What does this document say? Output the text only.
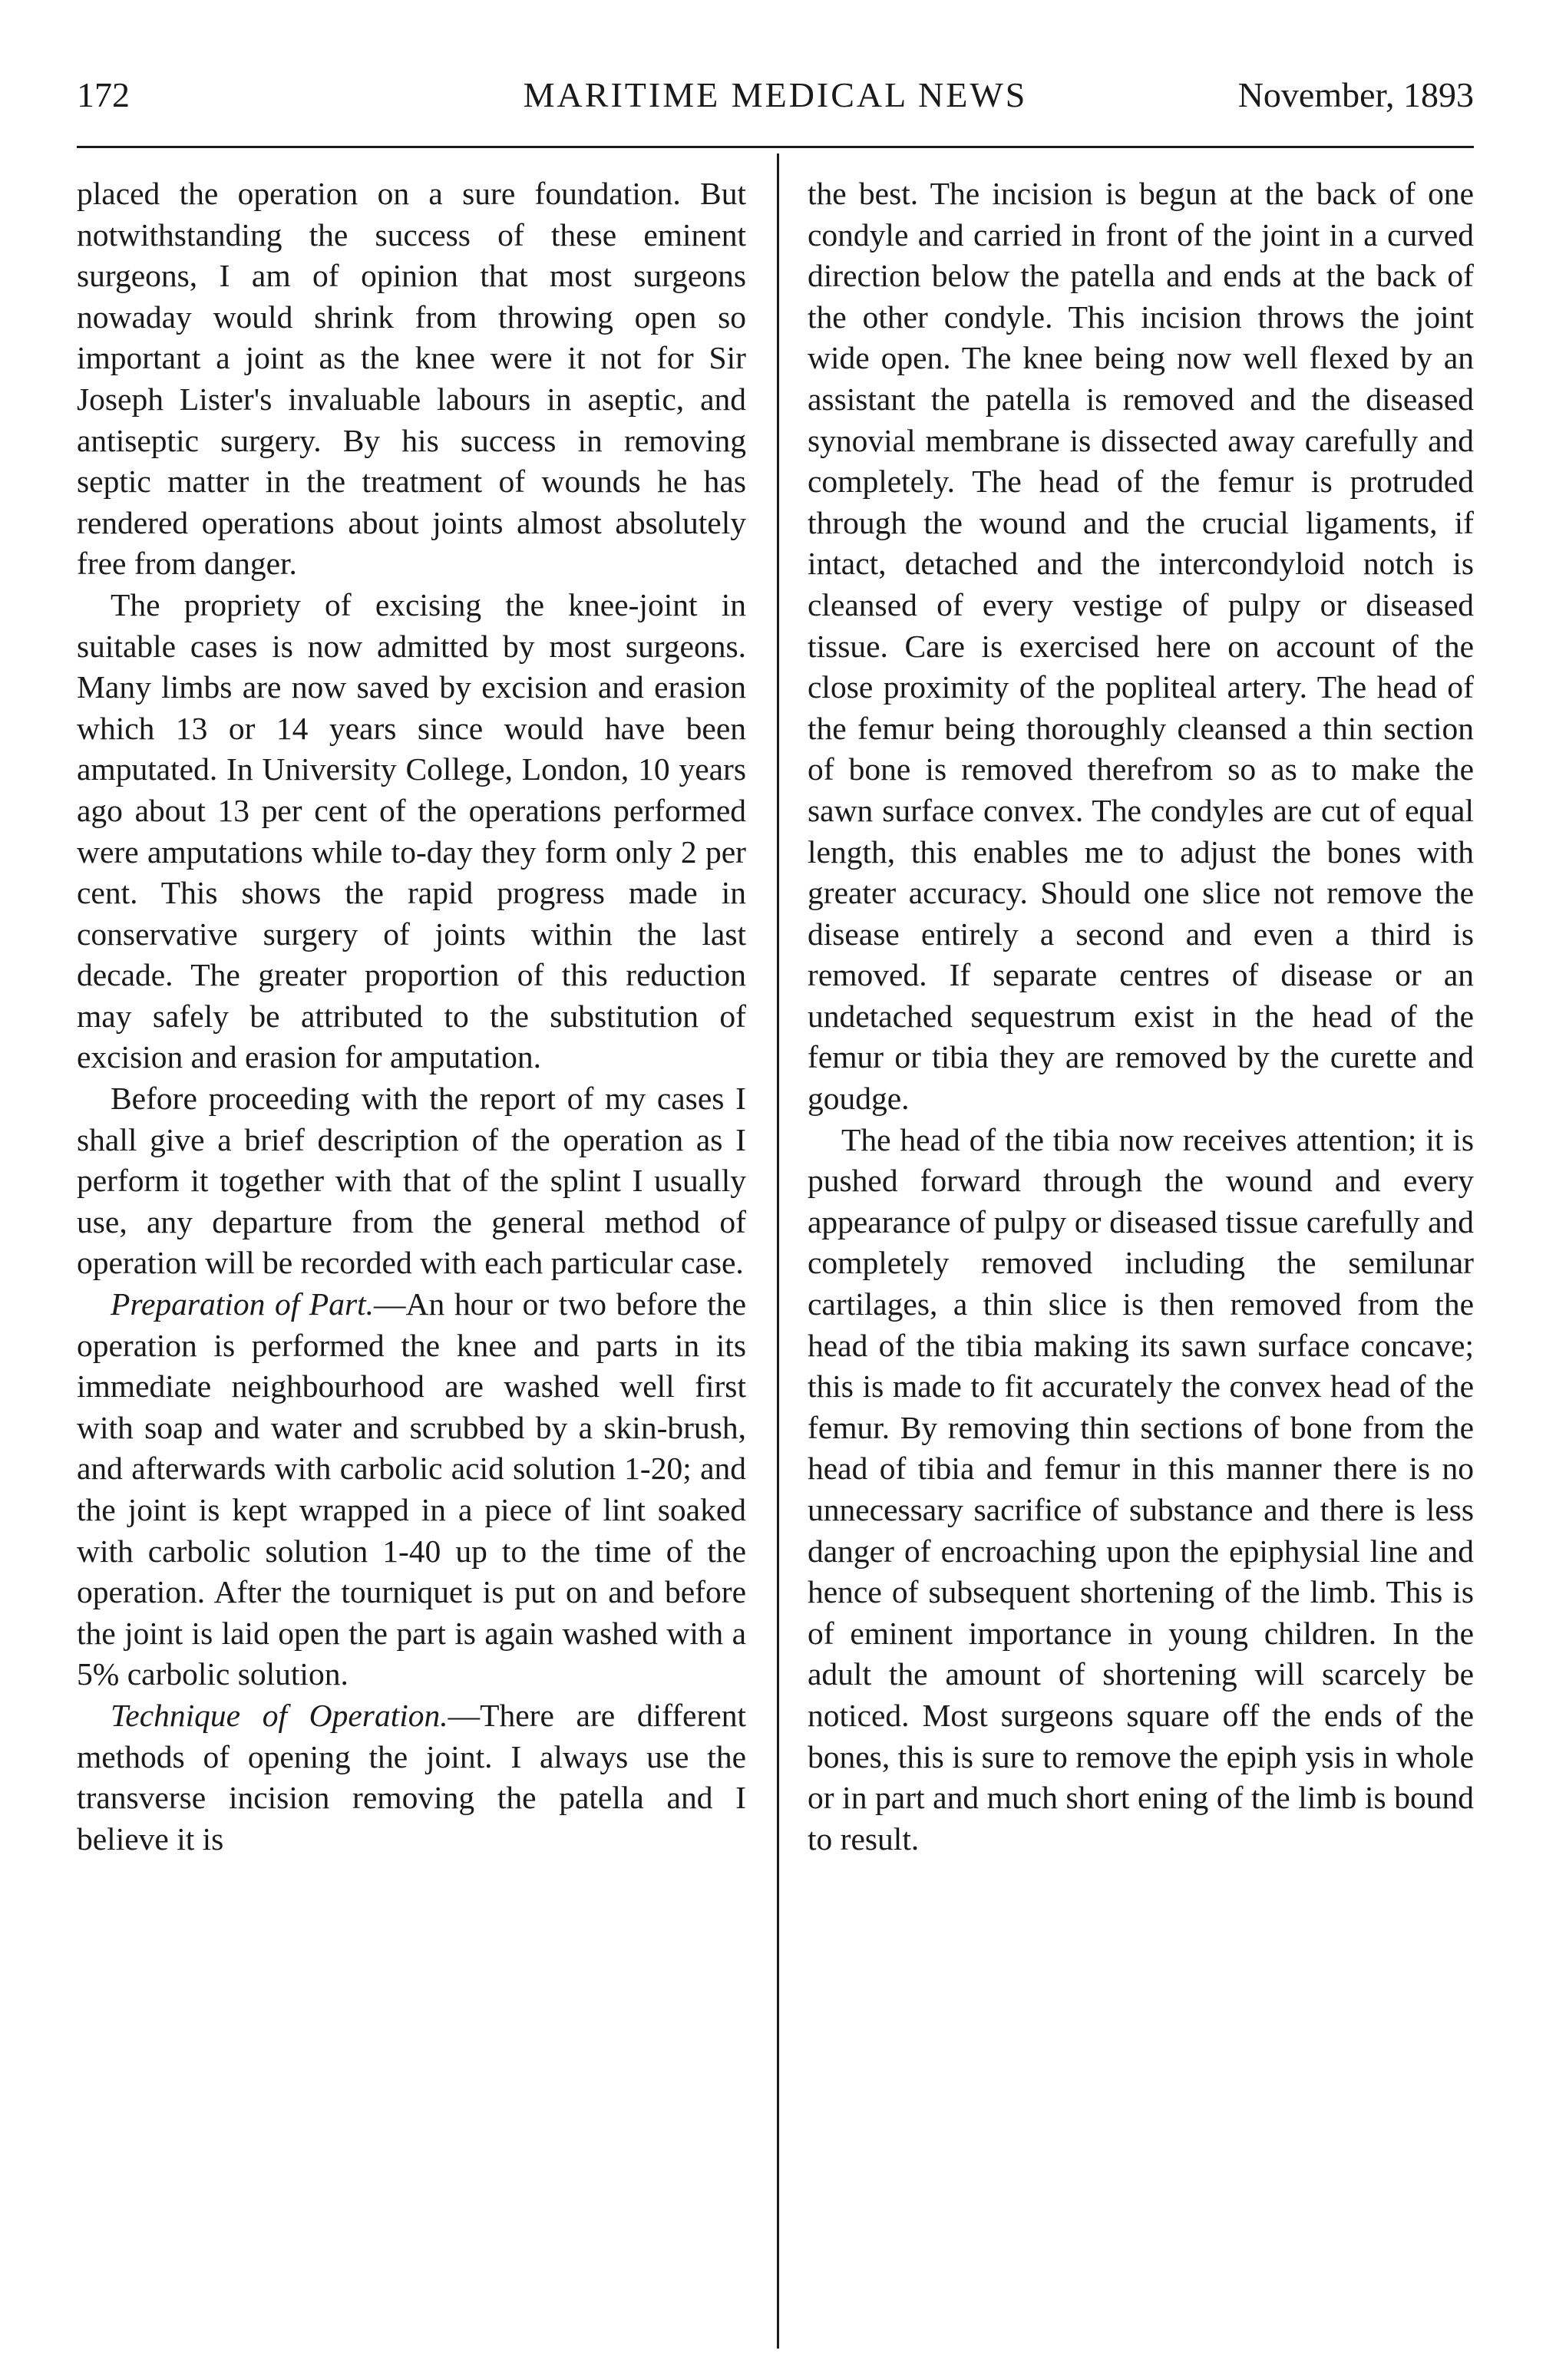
172	MARITIME MEDICAL NEWS	November, 1893

placed the operation on a sure foundation. But notwithstanding the success of these eminent surgeons, I am of opinion that most surgeons nowaday would shrink from throwing open so important a joint as the knee were it not for Sir Joseph Lister's invaluable labours in aseptic, and antiseptic surgery. By his success in removing septic matter in the treatment of wounds he has rendered operations about joints almost absolutely free from danger.

The propriety of excising the knee-joint in suitable cases is now admitted by most surgeons. Many limbs are now saved by excision and erasion which 13 or 14 years since would have been amputated. In University College, London, 10 years ago about 13 per cent of the operations performed were amputations while to-day they form only 2 per cent. This shows the rapid progress made in conservative surgery of joints within the last decade. The greater proportion of this reduction may safely be attributed to the substitution of excision and erasion for amputation.

Before proceeding with the report of my cases I shall give a brief description of the operation as I perform it together with that of the splint I usually use, any departure from the general method of operation will be recorded with each particular case.

Preparation of Part.—An hour or two before the operation is performed the knee and parts in its immediate neighbourhood are washed well first with soap and water and scrubbed by a skin-brush, and afterwards with carbolic acid solution 1-20; and the joint is kept wrapped in a piece of lint soaked with carbolic solution 1-40 up to the time of the operation. After the tourniquet is put on and before the joint is laid open the part is again washed with a 5% carbolic solution.

Technique of Operation.—There are different methods of opening the joint. I always use the transverse incision removing the patella and I believe it is

the best. The incision is begun at the back of one condyle and carried in front of the joint in a curved direction below the patella and ends at the back of the other condyle. This incision throws the joint wide open. The knee being now well flexed by an assistant the patella is removed and the diseased synovial membrane is dissected away carefully and completely. The head of the femur is protruded through the wound and the crucial ligaments, if intact, detached and the intercondyloid notch is cleansed of every vestige of pulpy or diseased tissue. Care is exercised here on account of the close proximity of the popliteal artery. The head of the femur being thoroughly cleansed a thin section of bone is removed therefrom so as to make the sawn surface convex. The condyles are cut of equal length, this enables me to adjust the bones with greater accuracy. Should one slice not remove the disease entirely a second and even a third is removed. If separate centres of disease or an undetached sequestrum exist in the head of the femur or tibia they are removed by the curette and goudge.

The head of the tibia now receives attention; it is pushed forward through the wound and every appearance of pulpy or diseased tissue carefully and completely removed including the semilunar cartilages, a thin slice is then removed from the head of the tibia making its sawn surface concave; this is made to fit accurately the convex head of the femur. By removing thin sections of bone from the head of tibia and femur in this manner there is no unnecessary sacrifice of substance and there is less danger of encroaching upon the epiphysial line and hence of subsequent shortening of the limb. This is of eminent importance in young children. In the adult the amount of shortening will scarcely be noticed. Most surgeons square off the ends of the bones, this is sure to remove the epiph ysis in whole or in part and much short ening of the limb is bound to result.
